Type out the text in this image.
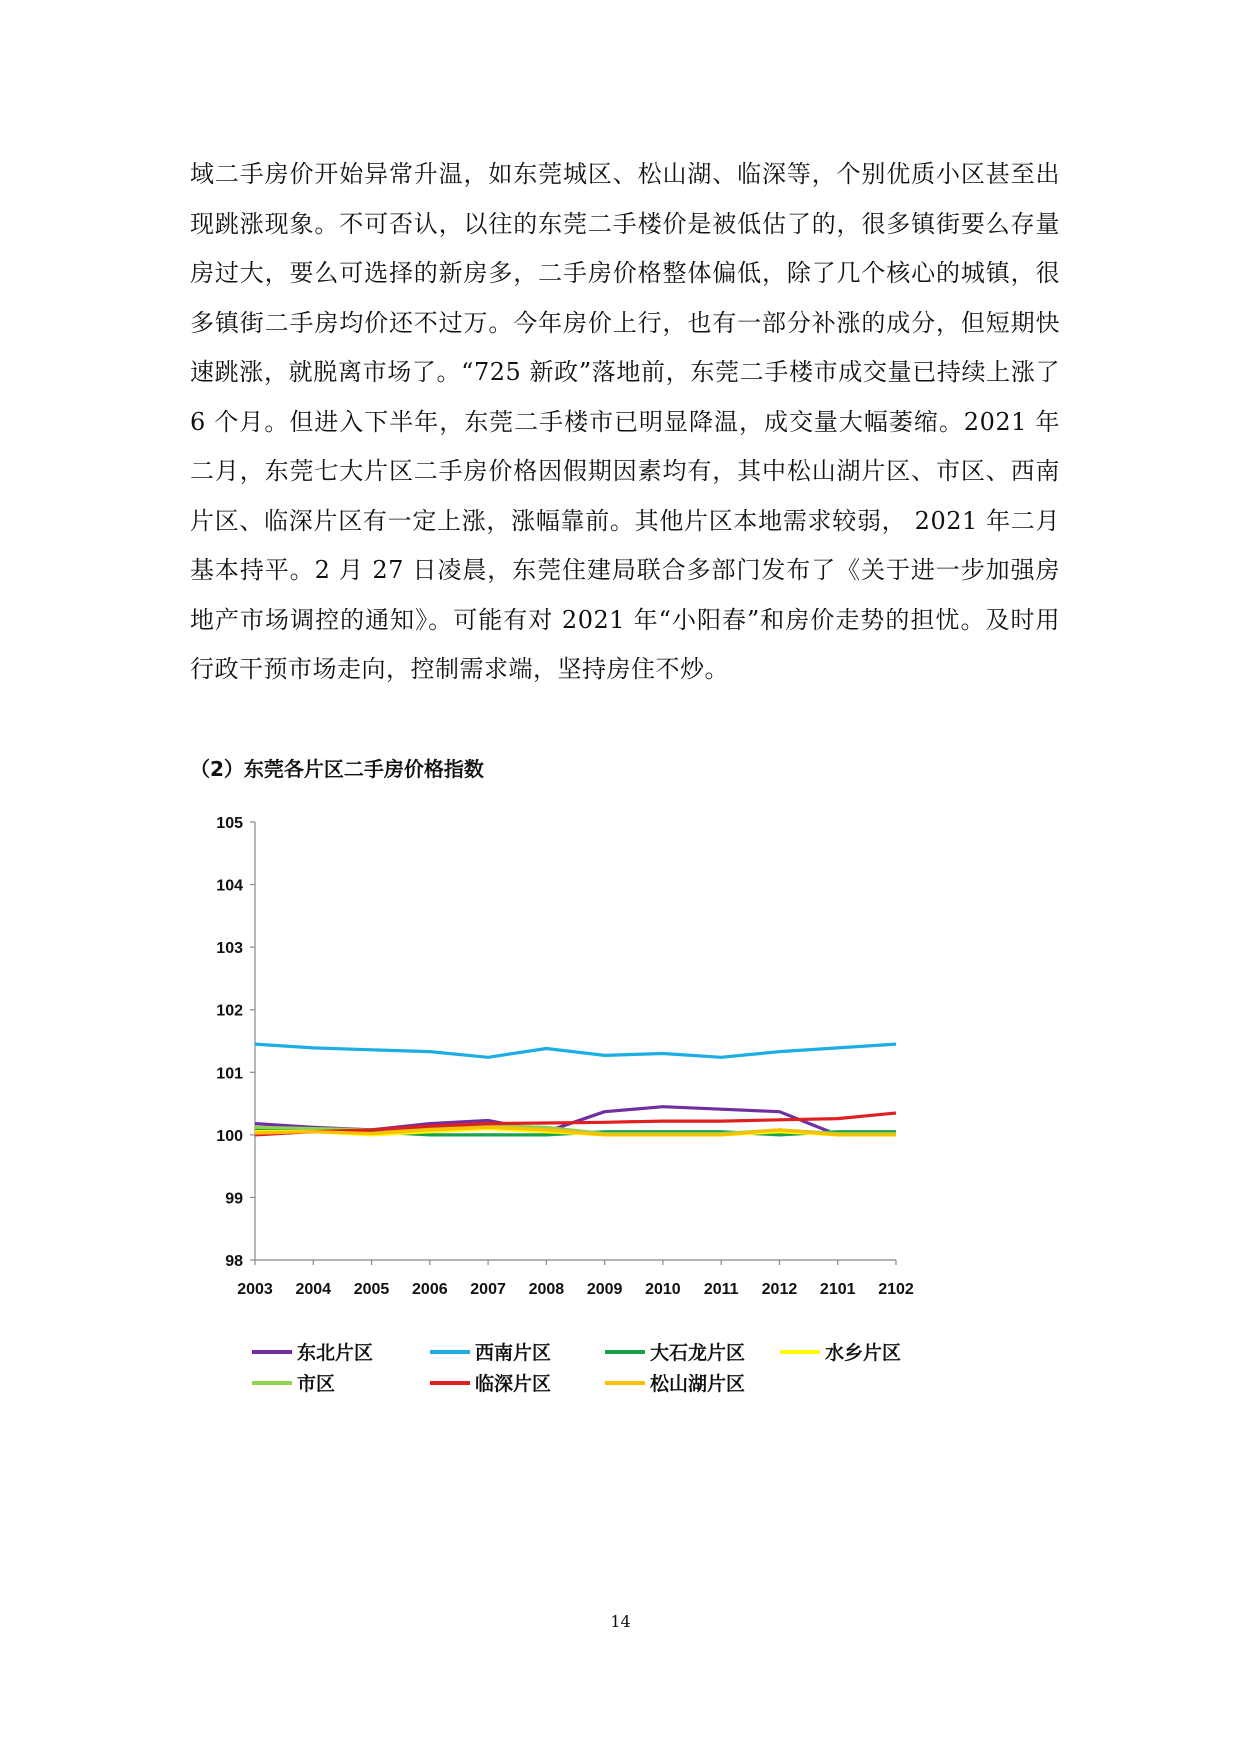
域二手房价开始异常升温，如东莞城区、松山湖、临深等，个别优质小区甚至出现跳涨现象。不可否认，以往的东莞二手楼价是被低估了的，很多镇街要么存量房过大，要么可选择的新房多，二手房价格整体偏低，除了几个核心的城镇，很多镇街二手房均价还不过万。今年房价上行，也有一部分补涨的成分，但短期快速跳涨，就脱离市场了。“725 新政”落地前，东莞二手楼市成交量已持续上涨了 6 个月。但进入下半年，东莞二手楼市已明显降温，成交量大幅萎缩。2021 年二月，东莞七大片区二手房价格因假期因素均有，其中松山湖片区、市区、西南片区、临深片区有一定上涨，涨幅靠前。其他片区本地需求较弱， 2021 年二月基本持平。2 月 27 日凌晨，东莞住建局联合多部门发布了《关于进一步加强房地产市场调控的通知》。可能有对 2021 年“小阳春”和房价走势的担忧。及时用行政干预市场走向，控制需求端，坚持房住不炒。

（2）东莞各片区二手房价格指数
98
99
100
101
102
103
104
105
2003 2004 2005 2006 2007 2008 2009 2010 2011 2012 2101 2102
东北片区	西南片区	大石龙片区	水乡片区
市区	临深片区	松山湖片区
14
